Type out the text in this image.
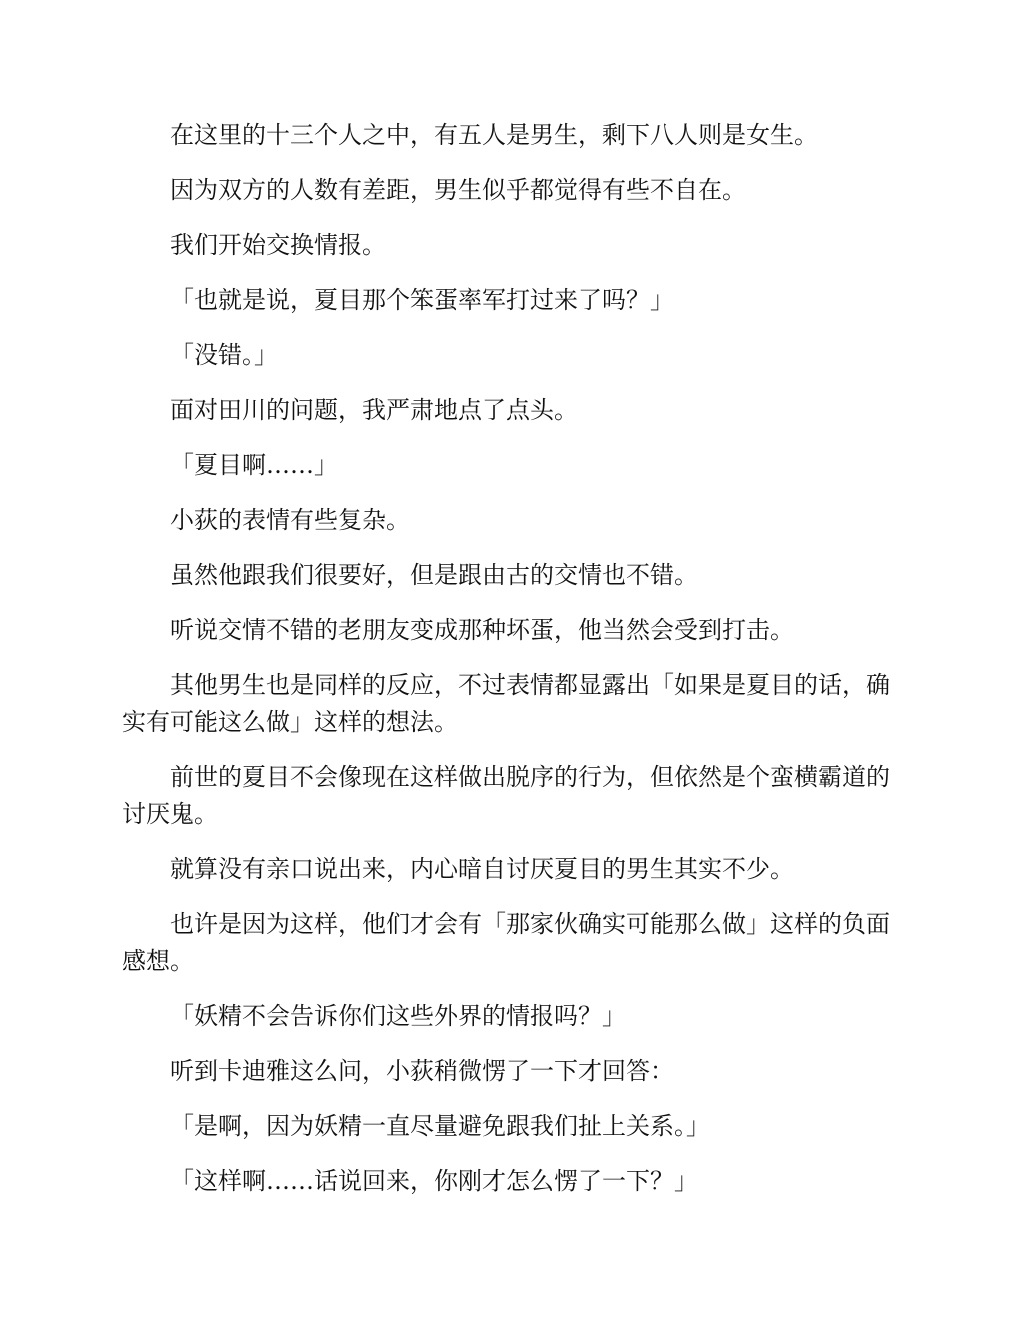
在这里的十三个人之中，有五人是男生，剩下八人则是女生。

因为双方的人数有差距，男生似乎都觉得有些不自在。

我们开始交换情报。

「也就是说，夏目那个笨蛋率军打过来了吗？」

「没错。」

面对田川的问题，我严肃地点了点头。

「夏目啊……」

小荻的表情有些复杂。

虽然他跟我们很要好，但是跟由古的交情也不错。

听说交情不错的老朋友变成那种坏蛋，他当然会受到打击。

其他男生也是同样的反应，不过表情都显露出「如果是夏目的话，确实有可能这么做」这样的想法。

前世的夏目不会像现在这样做出脱序的行为，但依然是个蛮横霸道的讨厌鬼。

就算没有亲口说出来，内心暗自讨厌夏目的男生其实不少。

也许是因为这样，他们才会有「那家伙确实可能那么做」这样的负面感想。

「妖精不会告诉你们这些外界的情报吗？」

听到卡迪雅这么问，小荻稍微愣了一下才回答：

「是啊，因为妖精一直尽量避免跟我们扯上关系。」

「这样啊……话说回来，你刚才怎么愣了一下？」
